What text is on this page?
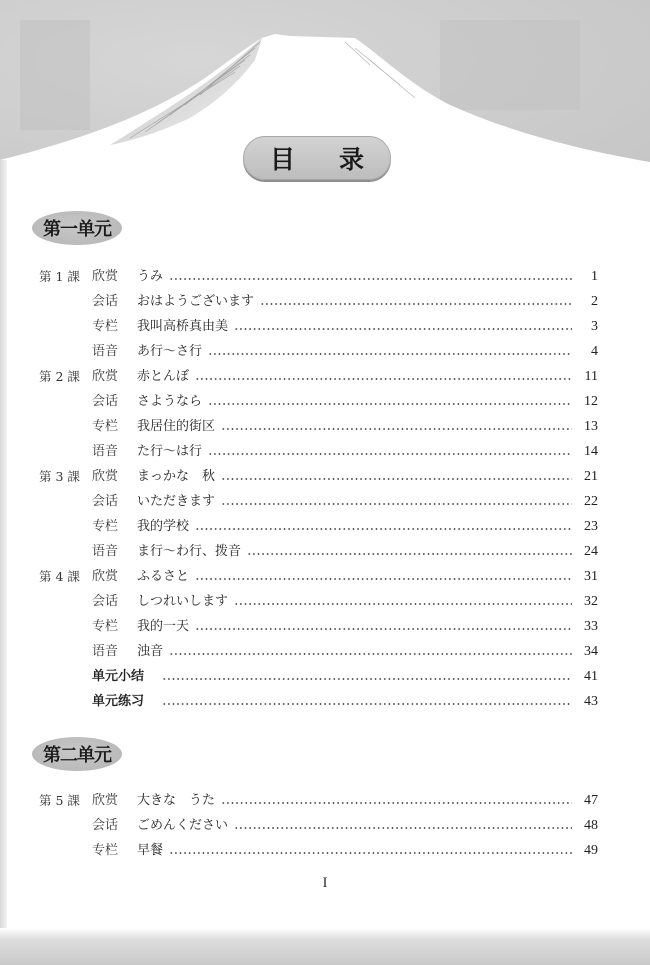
目 录
第一单元
第 1 課 欣赏 うみ	1
会话 おはようございます	2
专栏 我叫高桥真由美	3
语音 あ行～さ行	4
第 2 課 欣赏 赤とんぼ	11
会话 さようなら	12
专栏 我居住的街区	13
语音 た行～は行	14
第 3 課 欣赏 まっかな　秋	21
会话 いただきます	22
专栏 我的学校	23
语音 ま行～わ行、拨音	24
第 4 課 欣赏 ふるさと	31
会话 しつれいします	32
专栏 我的一天	33
语音 浊音	34
单元小结	41
单元练习	43
第二单元
第 5 課 欣赏 大きな　うた	47
会话 ごめんください	48
专栏 早餐	49
I
